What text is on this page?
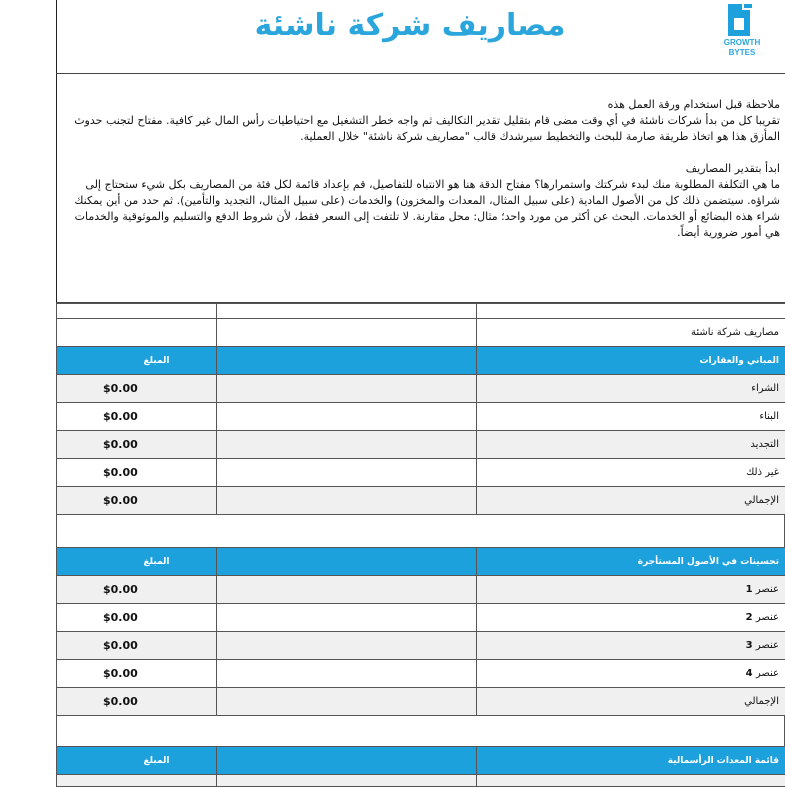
مصاريف شركة ناشئة	GROWTH
BYTES

ملاحظة قبل استخدام ورقة العمل هذه

تقريبا كل من بدأ شركات ناشئة في أي وقت مضى قام بتقليل تقدير التكاليف ثم واجه خطر التشغيل مع احتياطيات رأس المال غير كافية. مفتاح لتجنب حدوث المأزق هذا هو اتخاذ طريقة صارمة للبحث والتخطيط سيرشدك قالب "مصاريف شركة ناشئة" خلال العملية.

ابدأ بتقدير المصاريف

ما هي التكلفة المطلوبة منك لبدء شركتك واستمرارها؟ مفتاح الدقة هنا هو الانتباه للتفاصيل، قم بإعداد قائمة لكل فئة من المصاريف بكل شيء ستحتاج إلى شراؤه. سيتضمن ذلك كل من الأصول المادية (على سبيل المثال، المعدات والمخزون) والخدمات (على سبيل المثال، التجديد والتأمين). ثم حدد من أين يمكنك شراء هذه البضائع أو الخدمات. البحث عن أكثر من مورد واحد؛ مثال: محل مقارنة. لا تلتفت إلى السعر فقط، لأن شروط الدفع والتسليم والموثوقية والخدمات هي أمور ضرورية أيضاً.

		مصاريف شركة ناشئة
المبلغ		المباني والعقارات
$0.00		الشراء
$0.00		البناء
$0.00		التجديد
$0.00		غير ذلك
$0.00		الإجمالي
المبلغ		تحسينات في الأصول المستأجرة
$0.00		عنصر 1
$0.00		عنصر 2
$0.00		عنصر 3
$0.00		عنصر 4
$0.00		الإجمالي
المبلغ		قائمة المعدات الرأسمالية
